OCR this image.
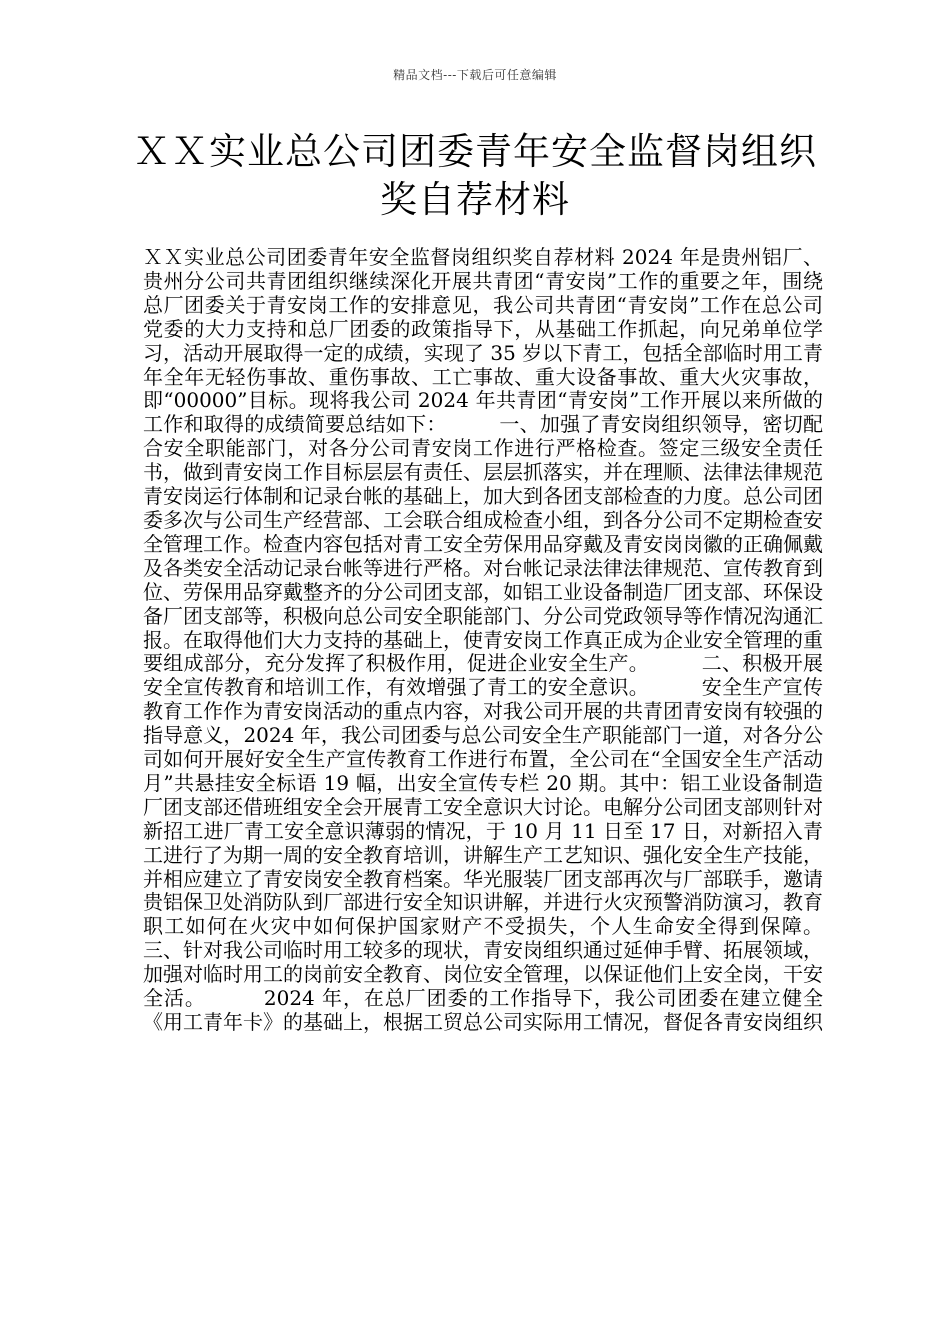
精品文档---下载后可任意编辑
ＸＸ实业总公司团委青年安全监督岗组织奖自荐材料

ＸＸ实业总公司团委青年安全监督岗组织奖自荐材料 2024 年是贵州铝厂、贵州分公司共青团组织继续深化开展共青团“青安岗”工作的重要之年，围绕总厂团委关于青安岗工作的安排意见，我公司共青团“青安岗”工作在总公司党委的大力支持和总厂团委的政策指导下，从基础工作抓起，向兄弟单位学习，活动开展取得一定的成绩，实现了 35 岁以下青工，包括全部临时用工青年全年无轻伤事故、重伤事故、工亡事故、重大设备事故、重大火灾事故，即“00000”目标。现将我公司 2024 年共青团“青安岗”工作开展以来所做的工作和取得的成绩简要总结如下：        一、加强了青安岗组织领导，密切配合安全职能部门，对各分公司青安岗工作进行严格检查。签定三级安全责任书，做到青安岗工作目标层层有责任、层层抓落实，并在理顺、法律法律规范青安岗运行体制和记录台帐的基础上，加大到各团支部检查的力度。总公司团委多次与公司生产经营部、工会联合组成检查小组，到各分公司不定期检查安全管理工作。检查内容包括对青工安全劳保用品穿戴及青安岗岗徽的正确佩戴及各类安全活动记录台帐等进行严格。对台帐记录法律法律规范、宣传教育到位、劳保用品穿戴整齐的分公司团支部，如铝工业设备制造厂团支部、环保设备厂团支部等，积极向总公司安全职能部门、分公司党政领导等作情况沟通汇报。在取得他们大力支持的基础上，使青安岗工作真正成为企业安全管理的重要组成部分，充分发挥了积极作用，促进企业安全生产。        二、积极开展安全宣传教育和培训工作，有效增强了青工的安全意识。        安全生产宣传教育工作作为青安岗活动的重点内容，对我公司开展的共青团青安岗有较强的指导意义，2024 年，我公司团委与总公司安全生产职能部门一道，对各分公司如何开展好安全生产宣传教育工作进行布置，全公司在“全国安全生产活动月”共悬挂安全标语 19 幅，出安全宣传专栏 20 期。其中：铝工业设备制造厂团支部还借班组安全会开展青工安全意识大讨论。电解分公司团支部则针对新招工进厂青工安全意识薄弱的情况，于 10 月 11 日至 17 日，对新招入青工进行了为期一周的安全教育培训，讲解生产工艺知识、强化安全生产技能，并相应建立了青安岗安全教育档案。华光服装厂团支部再次与厂部联手，邀请贵铝保卫处消防队到厂部进行安全知识讲解，并进行火灾预警消防演习，教育职工如何在火灾中如何保护国家财产不受损失，个人生命安全得到保障。        三、针对我公司临时用工较多的现状，青安岗组织通过延伸手臂、拓展领域，加强对临时用工的岗前安全教育、岗位安全管理，以保证他们上安全岗，干安全活。        2024 年，在总厂团委的工作指导下，我公司团委在建立健全《用工青年卡》的基础上，根据工贸总公司实际用工情况，督促各青安岗组织
